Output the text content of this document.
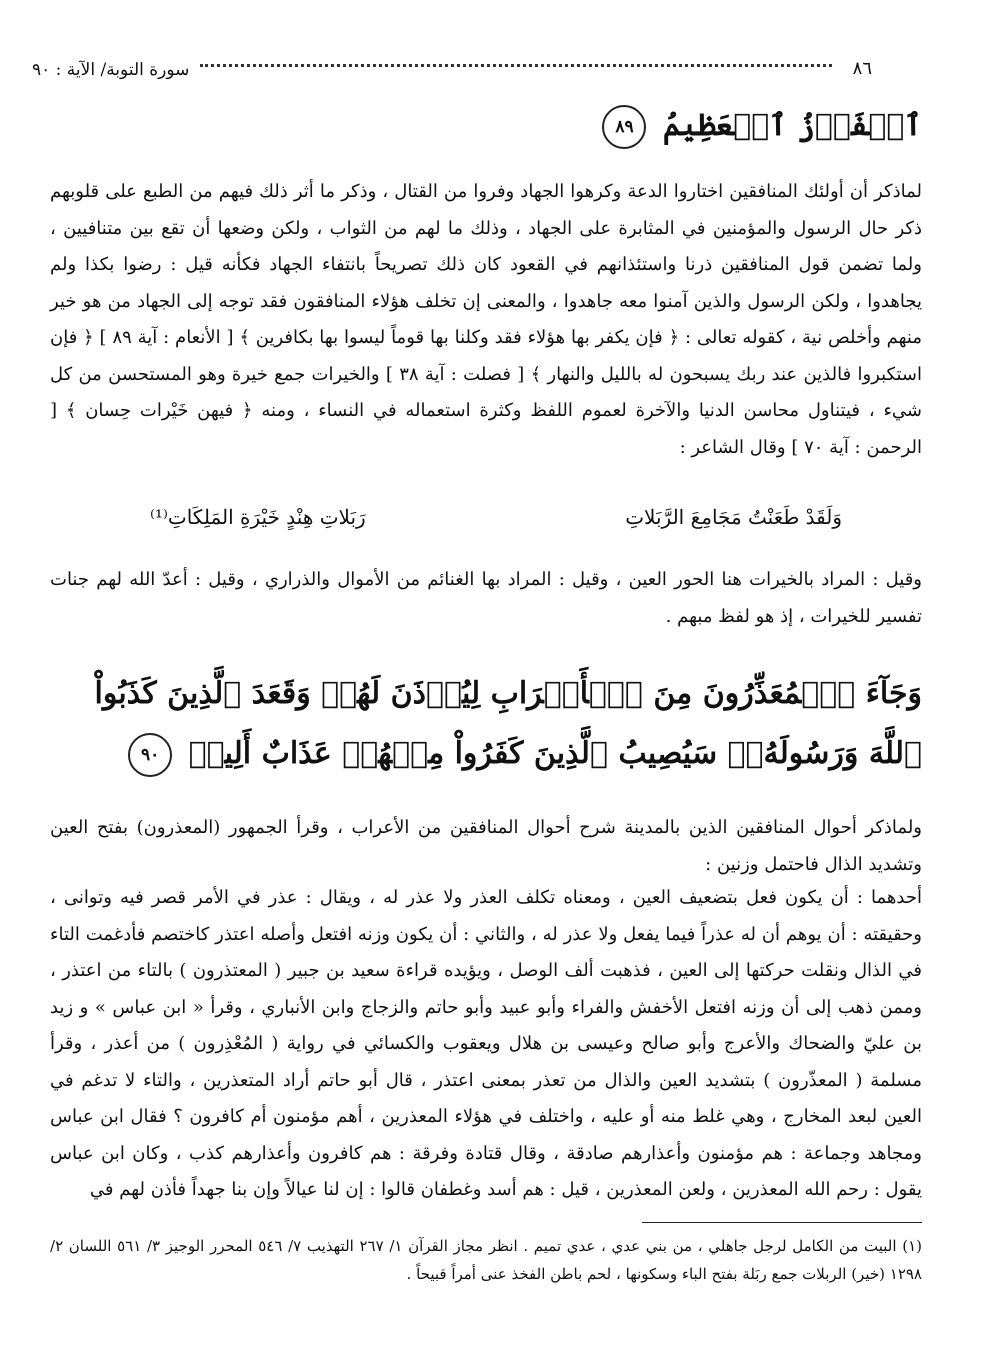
٨٦
سورة التوبة/ الآية : ٩٠
ٱلۡفَوۡزُ ٱلۡعَظِيمُ ٨٩
لماذكر أن أولئك المنافقين اختاروا الدعة وكرهوا الجهاد وفروا من القتال ، وذكر ما أثر ذلك فيهم من الطبع على قلوبهم ذكر حال الرسول والمؤمنين في المثابرة على الجهاد ، وذلك ما لهم من الثواب ، ولكن وضعها أن تقع بين متنافيين ، ولما تضمن قول المنافقين ذرنا واستئذانهم في القعود كان ذلك تصريحاً بانتفاء الجهاد فكأنه قيل : رضوا بكذا ولم يجاهدوا ، ولكن الرسول والذين آمنوا معه جاهدوا ، والمعنى إن تخلف هؤلاء المنافقون فقد توجه إلى الجهاد من هو خير منهم وأخلص نية ، كقوله تعالى : ﴿ فإن يكفر بها هؤلاء فقد وكلنا بها قوماً ليسوا بها بكافرين ﴾ [ الأنعام : آية ٨٩ ] ﴿ فإن استكبروا فالذين عند ربك يسبحون له بالليل والنهار ﴾ [ فصلت : آية ٣٨ ] والخيرات جمع خيرة وهو المستحسن من كل شيء ، فيتناول محاسن الدنيا والآخرة لعموم اللفظ وكثرة استعماله في النساء ، ومنه ﴿ فيهن خَيْرات حِسان ﴾ [ الرحمن : آية ٧٠ ] وقال الشاعر :
وَلَقَدْ طَعَنْتُ مَجَامِعَ الرَّبَلاتِ
رَبَلاتِ هِنْدٍ خَيْرَةِ المَلِكَاتِ⁽¹⁾
وقيل : المراد بالخيرات هنا الحور العين ، وقيل : المراد بها الغنائم من الأموال والذراري ، وقيل : أعدّ الله لهم جنات تفسير للخيرات ، إذ هو لفظ مبهم .
وَجَآءَ ٱلۡمُعَذِّرُونَ مِنَ ٱلۡأَعۡرَابِ لِيُؤۡذَنَ لَهُمۡ وَقَعَدَ ٱلَّذِينَ كَذَبُواْ ٱللَّهَ وَرَسُولَهُۥۚ سَيُصِيبُ ٱلَّذِينَ كَفَرُواْ مِنۡهُمۡ عَذَابٌ أَلِيمٞ ٩٠
ولماذكر أحوال المنافقين الذين بالمدينة شرح أحوال المنافقين من الأعراب ، وقرأ الجمهور (المعذرون) بفتح العين وتشديد الذال فاحتمل وزنين :
أحدهما : أن يكون فعل بتضعيف العين ، ومعناه تكلف العذر ولا عذر له ، ويقال : عذر في الأمر قصر فيه وتوانى ، وحقيقته : أن يوهم أن له عذراً فيما يفعل ولا عذر له ، والثاني : أن يكون وزنه افتعل وأصله اعتذر كاختصم فأدغمت التاء في الذال ونقلت حركتها إلى العين ، فذهبت ألف الوصل ، ويؤيده قراءة سعيد بن جبير ( المعتذرون ) بالتاء من اعتذر ، وممن ذهب إلى أن وزنه افتعل الأخفش والفراء وأبو عبيد وأبو حاتم والزجاج وابن الأنباري ، وقرأ « ابن عباس » و زيد بن عليّ والضحاك والأعرج وأبو صالح وعيسى بن هلال ويعقوب والكسائي في رواية ( المُعْذِرون ) من أعذر ، وقرأ مسلمة ( المعذّرون ) بتشديد العين والذال من تعذر بمعنى اعتذر ، قال أبو حاتم أراد المتعذرين ، والتاء لا تدغم في العين لبعد المخارج ، وهي غلط منه أو عليه ، واختلف في هؤلاء المعذرين ، أهم مؤمنون أم كافرون ؟ فقال ابن عباس ومجاهد وجماعة : هم مؤمنون وأعذارهم صادقة ، وقال قتادة وفرقة : هم كافرون وأعذارهم كذب ، وكان ابن عباس يقول : رحم الله المعذرين ، ولعن المعذرين ، قيل : هم أسد وغطفان قالوا : إن لنا عيالاً وإن بنا جهداً فأذن لهم في
(١) البيت من الكامل لرجل جاهلي ، من بني عدي ، عدي تميم . انظر مجاز القرآن ١/ ٢٦٧ التهذيب ٧/ ٥٤٦ المحرر الوجيز ٣/ ٥٦١ اللسان ٢/ ١٢٩٨ (خير) الربلات جمع ربَلة بفتح الباء وسكونها ، لحم باطن الفخذ عنى أمراً قبيحاً .
